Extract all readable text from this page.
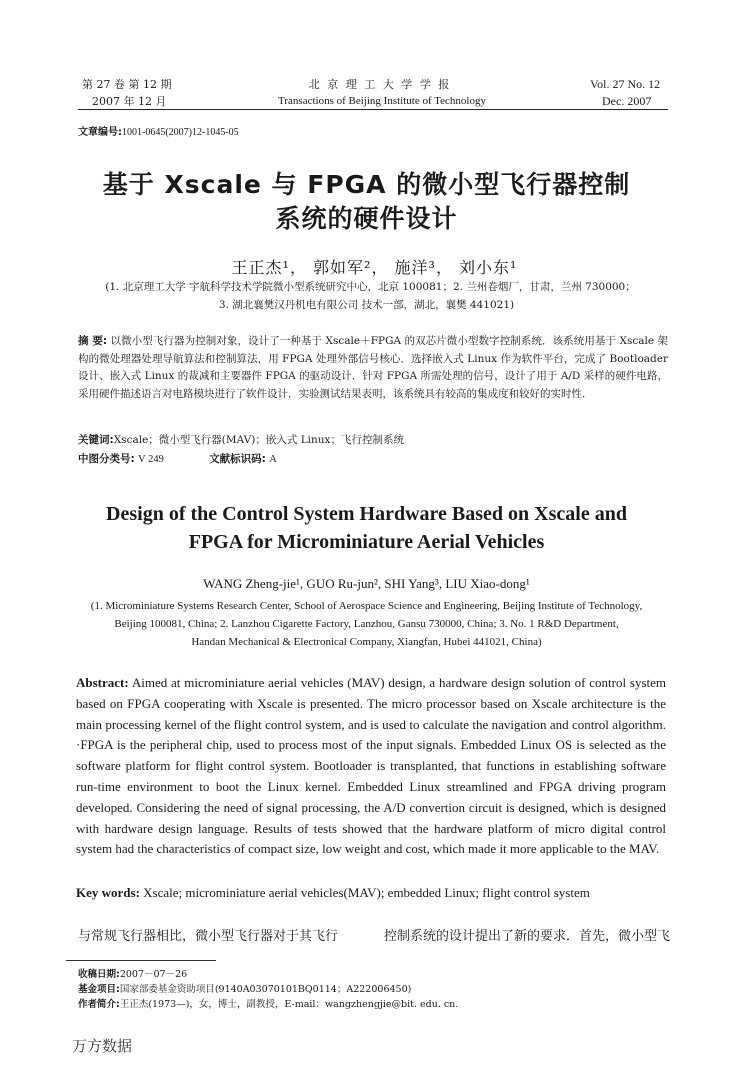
第 27 卷 第 12 期
2007 年 12 月
北 京 理 工 大 学 学 报
Transactions of Beijing Institute of Technology
Vol. 27 No. 12
Dec. 2007
文章编号:1001-0645(2007)12-1045-05
基于 Xscale 与 FPGA 的微小型飞行器控制
系统的硬件设计
王正杰¹， 郭如军²， 施洋³， 刘小东¹
(1. 北京理工大学 宇航科学技术学院微小型系统研究中心，北京 100081；2. 兰州卷烟厂，甘肃，兰州 730000；
3. 湖北襄樊汉丹机电有限公司 技术一部，湖北，襄樊 441021)
摘 要: 以微小型飞行器为控制对象，设计了一种基于 Xscale＋FPGA 的双芯片微小型数字控制系统．该系统用基于 Xscale 架构的微处理器处理导航算法和控制算法，用 FPGA 处理外部信号核心．选择嵌入式 Linux 作为软件平台，完成了 Bootloader 设计、嵌入式 Linux 的裁减和主要器件 FPGA 的驱动设计．针对 FPGA 所需处理的信号，设计了用于 A/D 采样的硬件电路，采用硬件描述语言对电路模块进行了软件设计．实验测试结果表明，该系统具有较高的集成度和较好的实时性．
关键词:Xscale；微小型飞行器(MAV)；嵌入式 Linux；飞行控制系统
中图分类号: V 249	文献标识码: A
Design of the Control System Hardware Based on Xscale and
FPGA for Microminiature Aerial Vehicles
WANG Zheng-jie¹, GUO Ru-jun², SHI Yang³, LIU Xiao-dong¹
(1. Microminiature Systems Research Center, School of Aerospace Science and Engineering, Beijing Institute of Technology,
Beijing 100081, China; 2. Lanzhou Cigarette Factory, Lanzhou, Gansu 730000, China; 3. No. 1 R&D Department,
Handan Mechanical & Electronical Company, Xiangfan, Hubei 441021, China)
Abstract: Aimed at microminiature aerial vehicles (MAV) design, a hardware design solution of control system based on FPGA cooperating with Xscale is presented. The micro processor based on Xscale architecture is the main processing kernel of the flight control system, and is used to calculate the navigation and control algorithm. ·FPGA is the peripheral chip, used to process most of the input signals. Embedded Linux OS is selected as the software platform for flight control system. Bootloader is transplanted, that functions in establishing software run-time environment to boot the Linux kernel. Embedded Linux streamlined and FPGA driving program developed. Considering the need of signal processing, the A/D convertion circuit is designed, which is designed with hardware design language. Results of tests showed that the hardware platform of micro digital control system had the characteristics of compact size, low weight and cost, which made it more applicable to the MAV.
Key words: Xscale; microminiature aerial vehicles(MAV); embedded Linux; flight control system
与常规飞行器相比，微小型飞行器对于其飞行	控制系统的设计提出了新的要求．首先，微小型飞
收稿日期:2007－07－26
基金项目:国家部委基金资助项目(9140A03070101BQ0114；A222006450)
作者简介:王正杰(1973—)，女，博士，副教授，E-mail：wangzhengjie@bit. edu. cn.
万方数据
